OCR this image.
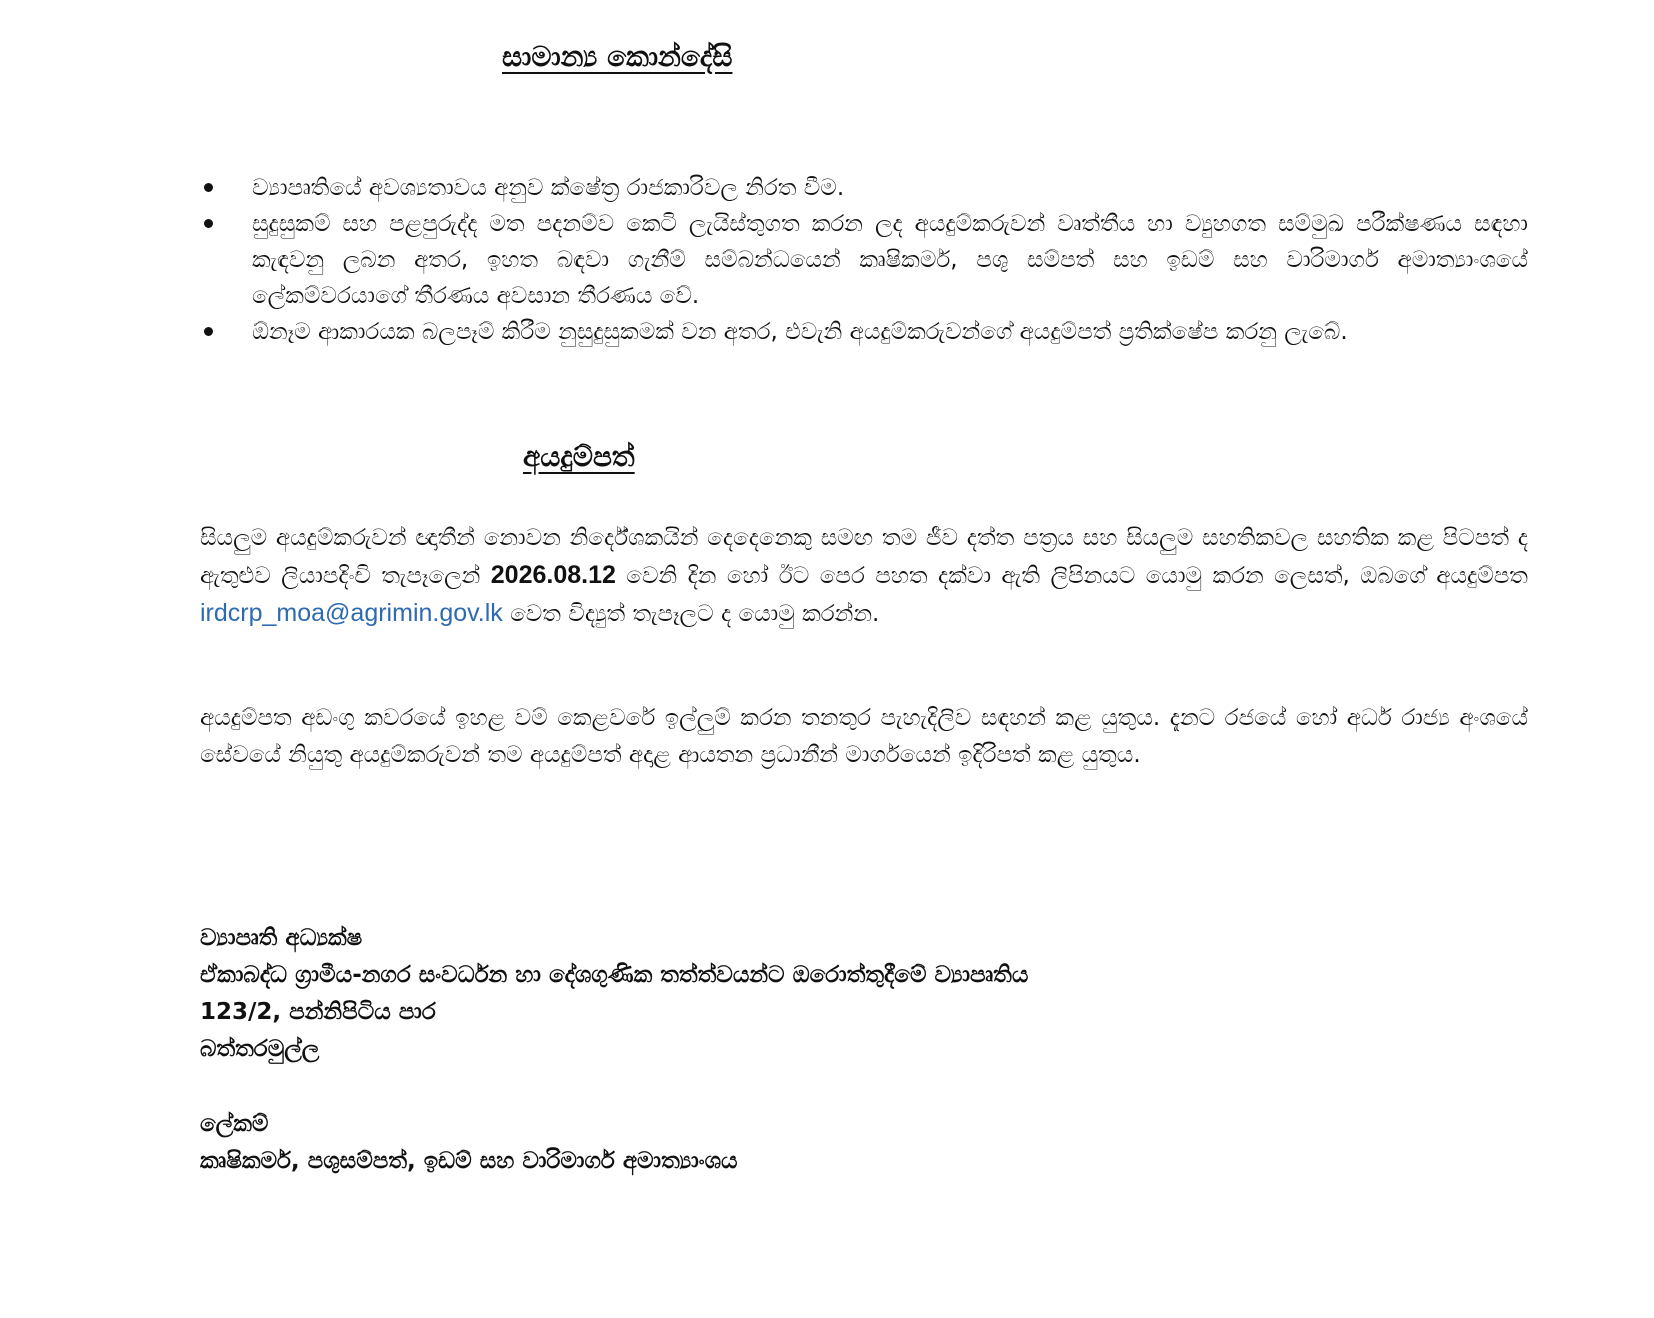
සාමාන්‍ය කොන්දේසි
ව්‍යාපෘතියේ අවශ්‍යතාවය අනුව ක්ෂේත්‍ර රාජකාරිවල නිරත වීම.
සුදුසුකම් සහ පළපුරුද්ද මත පදනම්ව කෙටි ලැයිස්තුගත කරන ලද අයදුම්කරුවන් වෘත්තීය හා ව්‍යුහගත සම්මුඛ පරීක්ෂණය සඳහා කැඳවනු ලබන අතර, ඉහත බඳවා ගැනීම් සම්බන්ධයෙන් කෘෂිකර්ම, පශු සම්පත් සහ ඉඩම් සහ වාරිමාර්ග අමාත්‍යාංශයේ ලේකම්වරයාගේ තීරණය අවසාන තීරණය වේ.
ඕනෑම ආකාරයක බලපෑම් කිරීම නුසුදුසුකමක් වන අතර, එවැනි අයදුම්කරුවන්ගේ අයදුම්පත් ප්‍රතික්ෂේප කරනු ලැබේ.
අයදුම්පත්

සියලුම අයදුම්කරුවන් ඥාතීන් නොවන නිර්දේශකයින් දෙදෙනෙකු සමඟ තම ජීව දත්ත පත්‍රය සහ සියලුම සහතිකවල සහතික කළ පිටපත් ද ඇතුළුව ලියාපදිංචි තැපෑලෙන් 2026.08.12 වෙනි දින හෝ ඊට පෙර පහත දක්වා ඇති ලිපිනයට යොමු කරන ලෙසත්, ඔබගේ අයදුම්පත irdcrp_moa@agrimin.gov.lk වෙත විද්‍යුත් තැපෑලට ද යොමු කරන්න.

අයදුම්පත අඩංගු කවරයේ ඉහළ වම් කෙළවරේ ඉල්ලුම් කරන තනතුර පැහැදිලිව සඳහන් කළ යුතුය. දැනට රජයේ හෝ අර්ධ රාජ්‍ය අංශයේ සේවයේ නියුතු අයදුම්කරුවන් තම අයදුම්පත් අදාළ ආයතන ප්‍රධානීන් මාර්ගයෙන් ඉදිරිපත් කළ යුතුය.

ව්‍යාපෘති අධ්‍යක්ෂ
ඒකාබද්ධ ග්‍රාමීය-නගර සංවර්ධන හා දේශගුණික තත්ත්වයන්ට ඔරොත්තුදීමේ ව්‍යාපෘතිය
123/2, පන්නිපිටිය පාර
බත්තරමුල්ල
ලේකම්
කෘෂිකර්ම, පශුසම්පත්, ඉඩම් සහ වාරිමාර්ග අමාත්‍යාංශය
